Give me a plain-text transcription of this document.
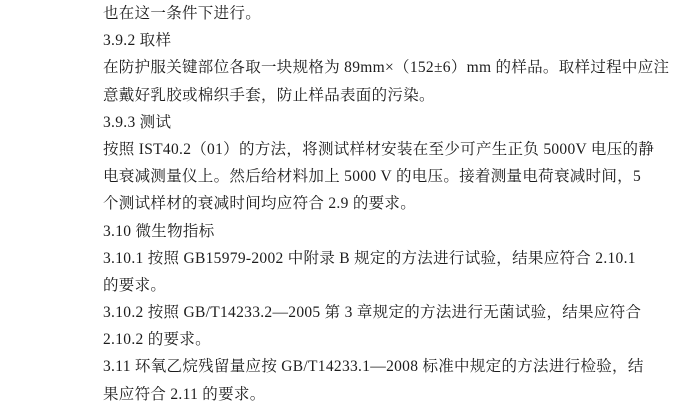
也在这一条件下进行。
3.9.2 取样
在防护服关键部位各取一块规格为 89mm×（152±6）mm 的样品。取样过程中应注
意戴好乳胶或棉织手套，防止样品表面的污染。
3.9.3 测试
按照 IST40.2（01）的方法，将测试样材安装在至少可产生正负 5000V 电压的静
电衰减测量仪上。然后给材料加上 5000 V 的电压。接着测量电荷衰减时间，5
个测试样材的衰减时间均应符合 2.9 的要求。
3.10 微生物指标
3.10.1 按照 GB15979-2002 中附录 B 规定的方法进行试验，结果应符合 2.10.1
的要求。
3.10.2 按照 GB/T14233.2—2005 第 3 章规定的方法进行无菌试验，结果应符合
2.10.2 的要求。
3.11 环氧乙烷残留量应按 GB/T14233.1—2008 标准中规定的方法进行检验，结
果应符合 2.11 的要求。
